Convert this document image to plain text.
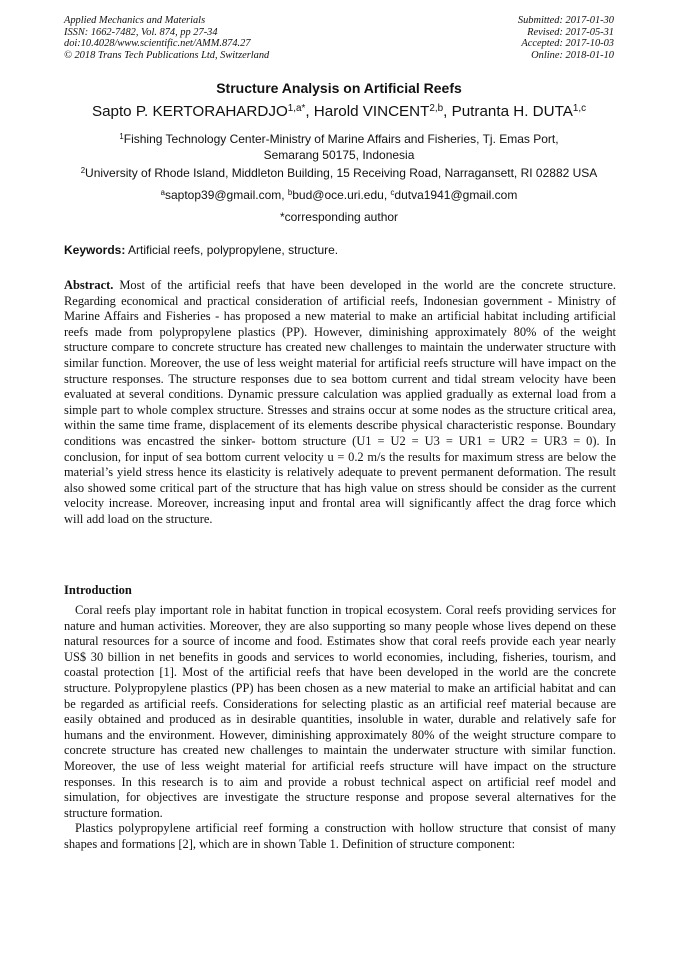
Applied Mechanics and Materials
ISSN: 1662-7482, Vol. 874, pp 27-34
doi:10.4028/www.scientific.net/AMM.874.27
© 2018 Trans Tech Publications Ltd, Switzerland
Submitted: 2017-01-30
Revised: 2017-05-31
Accepted: 2017-10-03
Online: 2018-01-10
Structure Analysis on Artificial Reefs
Sapto P. $KERTORAHARDJO^{1,a*}$, Harold VINCENT$^{2,b}$, Putranta H. DUTA$^{1,c}$
$^1$Fishing Technology Center-Ministry of Marine Affairs and Fisheries, Tj. Emas Port,
Semarang 50175, Indonesia
$^2$University of Rhode Island, Middleton Building, 15 Receiving Road, Narragansett, RI 02882 USA
$^a$saptop39@gmail.com, $^b$bud@oce.uri.edu, $^c$dutva1941@gmail.com
*corresponding author
Keywords: Artificial reefs, polypropylene, structure.
Abstract. Most of the artificial reefs that have been developed in the world are the concrete structure. Regarding economical and practical consideration of artificial reefs, Indonesian government - Ministry of Marine Affairs and Fisheries - has proposed a new material to make an artificial habitat including artificial reefs made from polypropylene plastics (PP). However, diminishing approximately 80% of the weight structure compare to concrete structure has created new challenges to maintain the underwater structure with similar function. Moreover, the use of less weight material for artificial reefs structure will have impact on the structure responses. The structure responses due to sea bottom current and tidal stream velocity have been evaluated at several conditions. Dynamic pressure calculation was applied gradually as external load from a simple part to whole complex structure. Stresses and strains occur at some nodes as the structure critical area, within the same time frame, displacement of its elements describe physical characteristic response. Boundary conditions was encastred the sinker- bottom structure (U1 = U2 = U3 = UR1 = UR2 = UR3 = 0). In conclusion, for input of sea bottom current velocity u = 0.2 m/s the results for maximum stress are below the material’s yield stress hence its elasticity is relatively adequate to prevent permanent deformation. The result also showed some critical part of the structure that has high value on stress should be consider as the current velocity increase. Moreover, increasing input and frontal area will significantly affect the drag force which will add load on the structure.
Introduction

Coral reefs play important role in habitat function in tropical ecosystem. Coral reefs providing services for nature and human activities. Moreover, they are also supporting so many people whose lives depend on these natural resources for a source of income and food. Estimates show that coral reefs provide each year nearly US$ 30 billion in net benefits in goods and services to world economies, including, fisheries, tourism, and coastal protection [1]. Most of the artificial reefs that have been developed in the world are the concrete structure. Polypropylene plastics (PP) has been chosen as a new material to make an artificial habitat and can be regarded as artificial reefs. Considerations for selecting plastic as an artificial reef material because are easily obtained and produced as in desirable quantities, insoluble in water, durable and relatively safe for humans and the environment. However, diminishing approximately 80% of the weight structure compare to concrete structure has created new challenges to maintain the underwater structure with similar function. Moreover, the use of less weight material for artificial reefs structure will have impact on the structure responses. In this research is to aim and provide a robust technical aspect on artificial reef model and simulation, for objectives are investigate the structure response and propose several alternatives for the structure formation.

Plastics polypropylene artificial reef forming a construction with hollow structure that consist of many shapes and formations [2], which are in shown Table 1. Definition of structure component:
